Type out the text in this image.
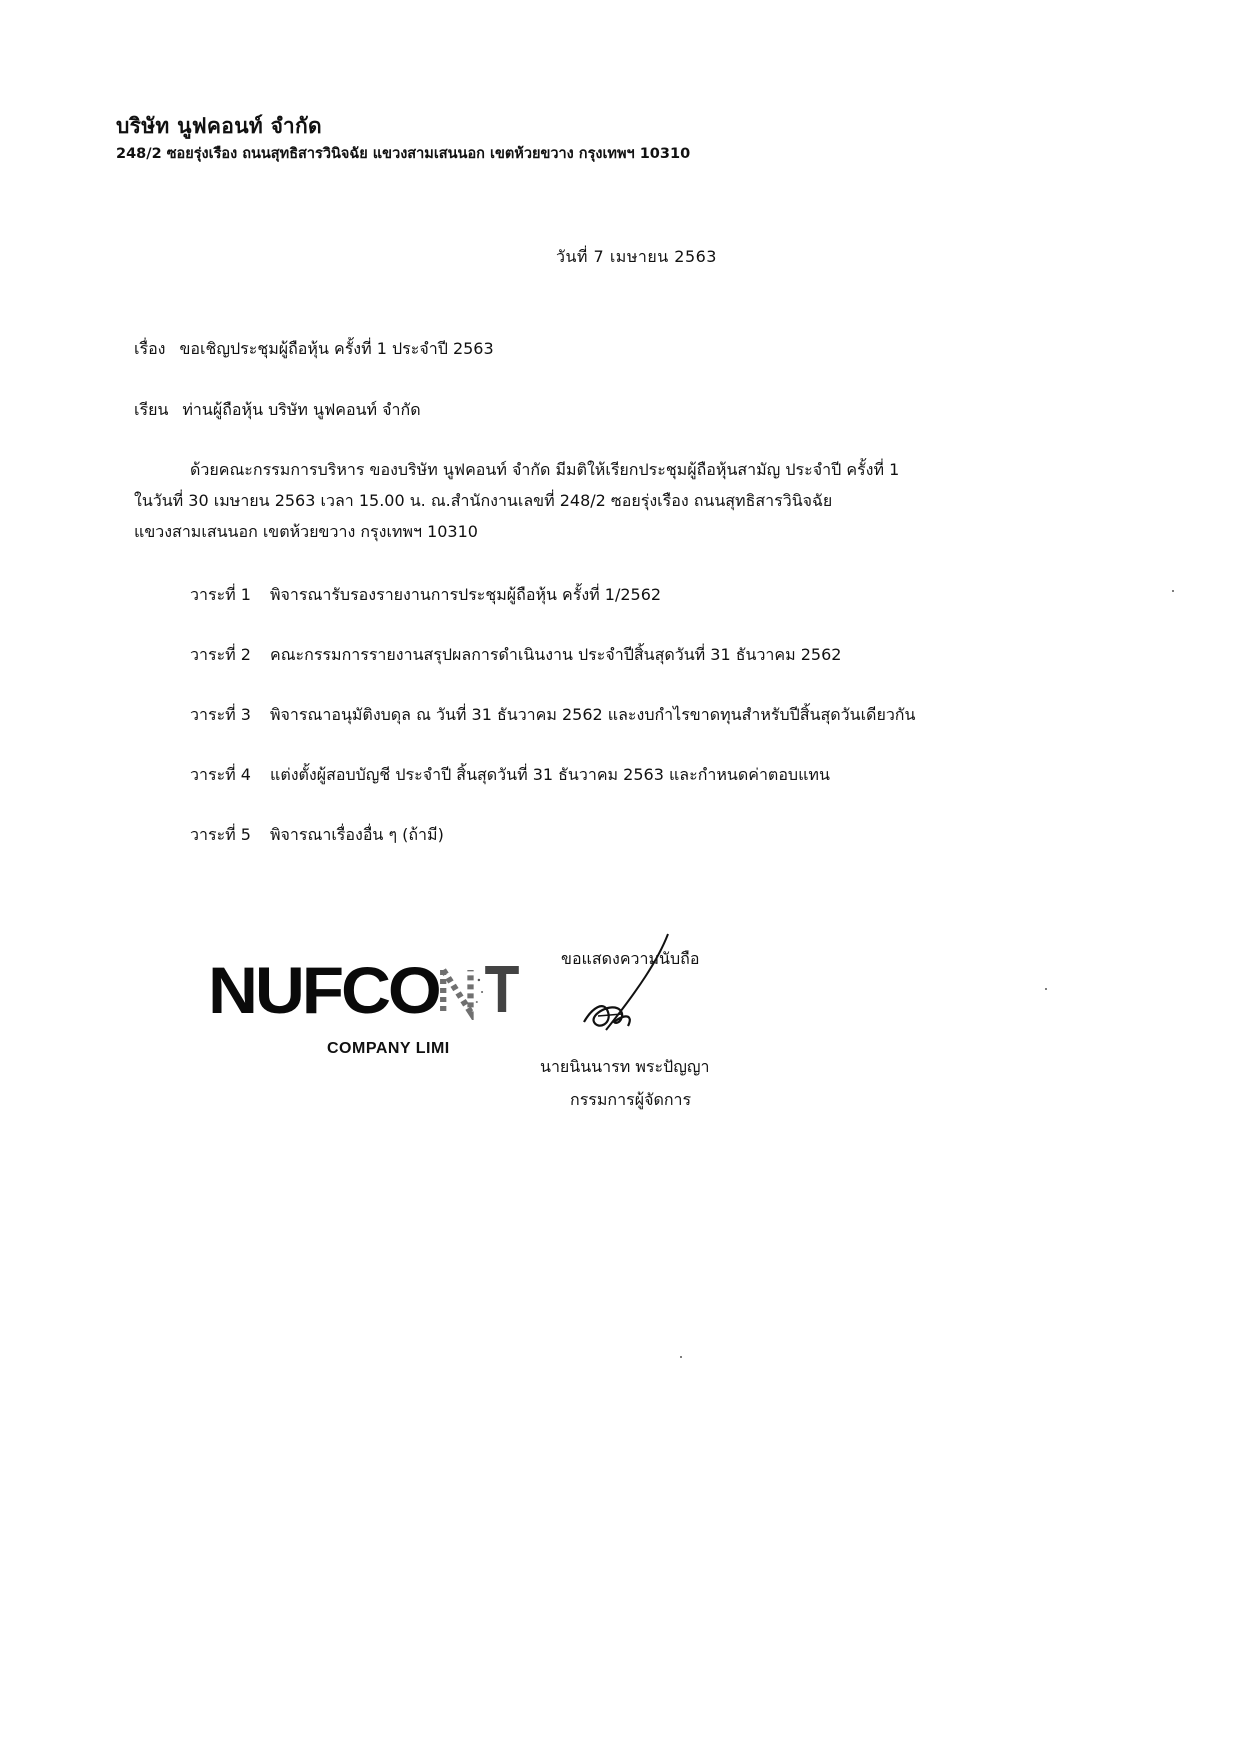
บริษัท นูฟคอนท์ จำกัด
248/2 ซอยรุ่งเรือง ถนนสุทธิสารวินิจฉัย แขวงสามเสนนอก เขตห้วยขวาง กรุงเทพฯ 10310
วันที่ 7 เมษายน 2563
เรื่อง ขอเชิญประชุมผู้ถือหุ้น ครั้งที่ 1 ประจำปี 2563
เรียน ท่านผู้ถือหุ้น บริษัท นูฟคอนท์ จำกัด
ด้วยคณะกรรมการบริหาร ของบริษัท นูฟคอนท์ จำกัด มีมติให้เรียกประชุมผู้ถือหุ้นสามัญ ประจำปี ครั้งที่ 1
ในวันที่ 30 เมษายน 2563 เวลา 15.00 น. ณ.สำนักงานเลขที่ 248/2 ซอยรุ่งเรือง ถนนสุทธิสารวินิจฉัย
แขวงสามเสนนอก เขตห้วยขวาง กรุงเทพฯ 10310
วาระที่ 1 พิจารณารับรองรายงานการประชุมผู้ถือหุ้น ครั้งที่ 1/2562
วาระที่ 2 คณะกรรมการรายงานสรุปผลการดำเนินงาน ประจำปีสิ้นสุดวันที่ 31 ธันวาคม 2562
วาระที่ 3 พิจารณาอนุมัติงบดุล ณ วันที่ 31 ธันวาคม 2562 และงบกำไรขาดทุนสำหรับปีสิ้นสุดวันเดียวกัน
วาระที่ 4 แต่งตั้งผู้สอบบัญชี ประจำปี สิ้นสุดวันที่ 31 ธันวาคม 2563 และกำหนดค่าตอบแทน
วาระที่ 5 พิจารณาเรื่องอื่น ๆ (ถ้ามี)
NUFCO
COMPANY LIMI
ขอแสดงความนับถือ
นายนินนารท พระปัญญา
กรรมการผู้จัดการ
